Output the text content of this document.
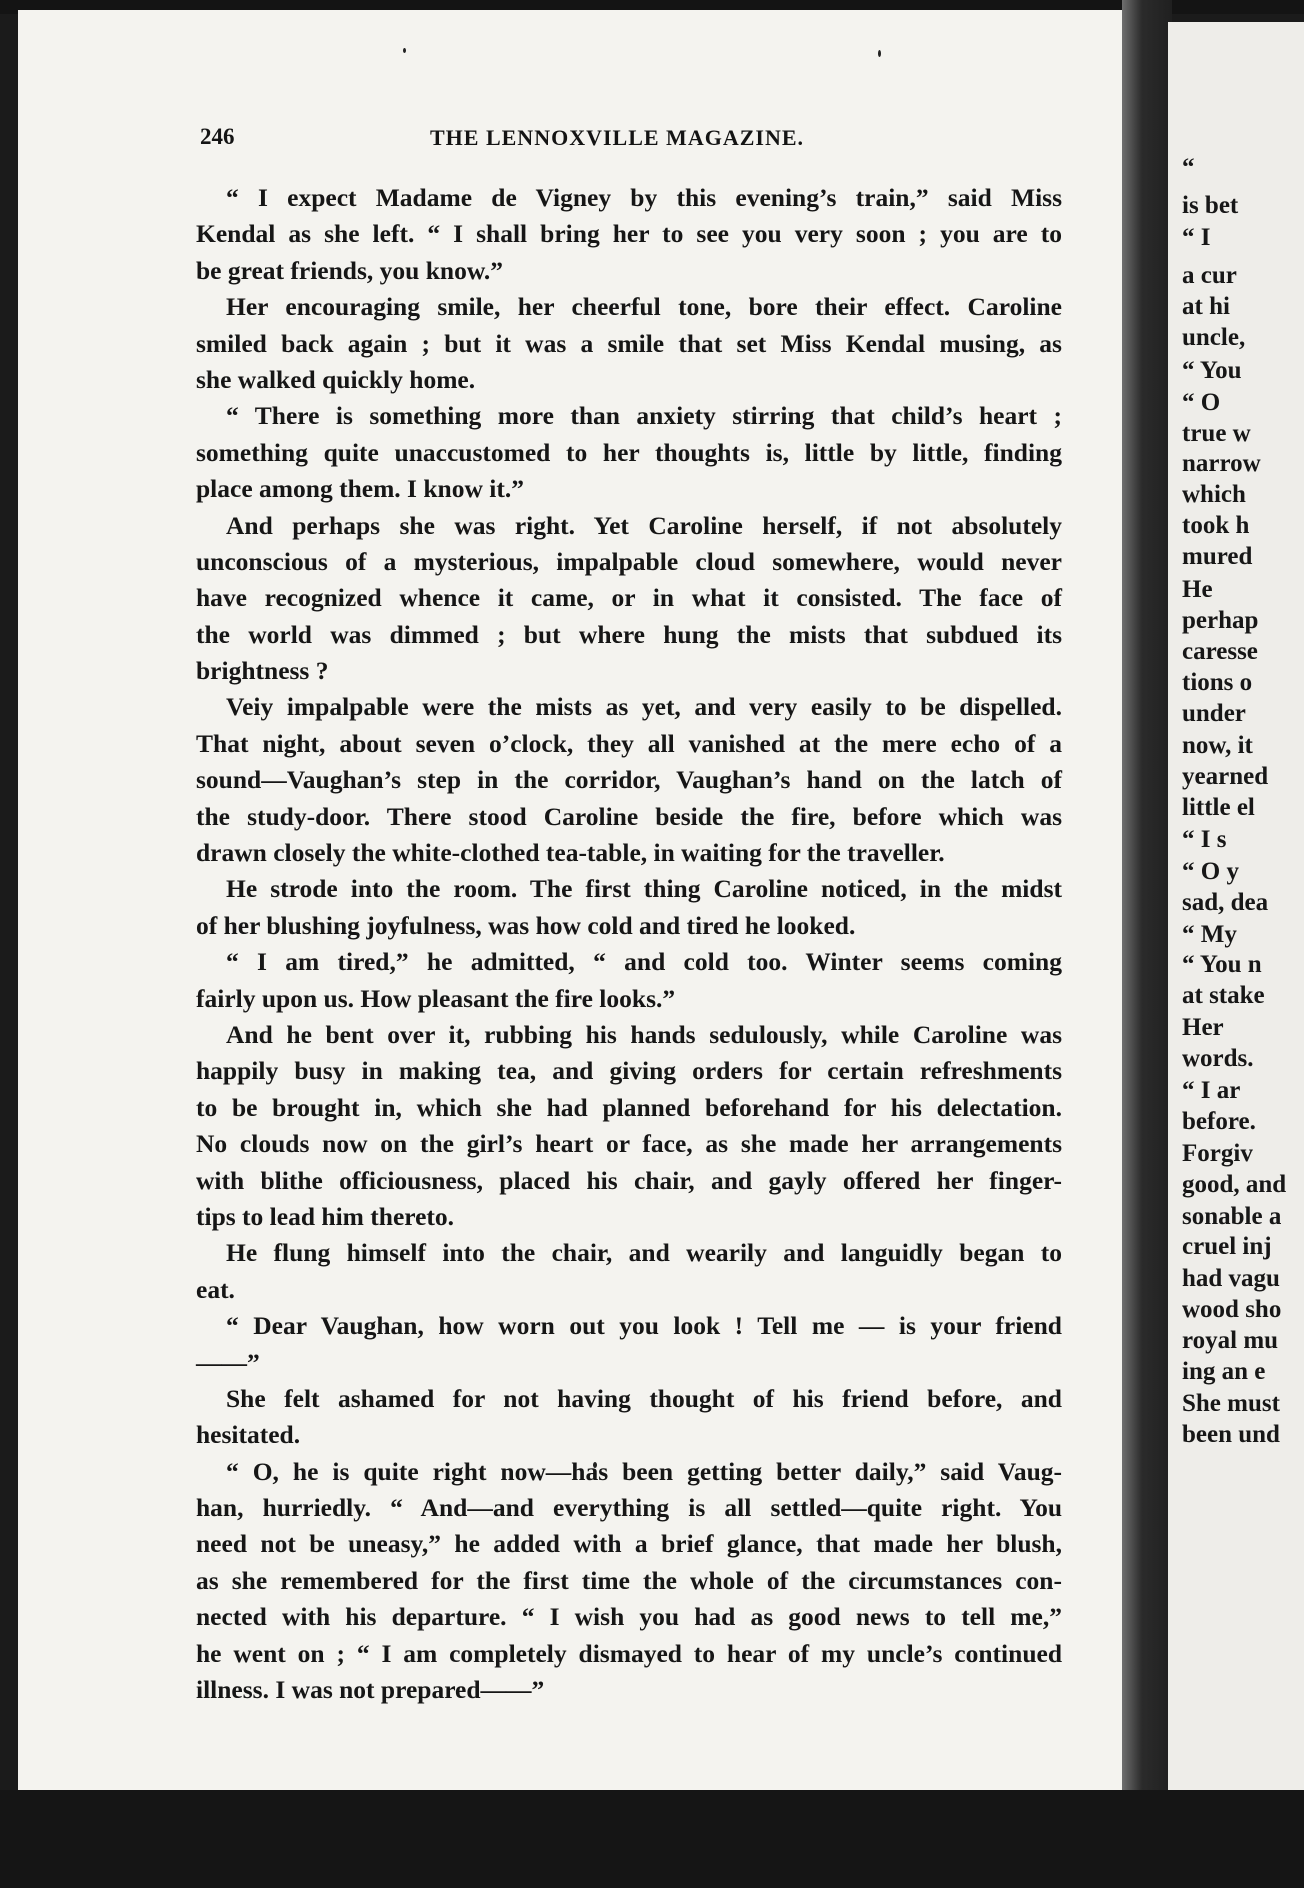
246	THE LENNOXVILLE MAGAZINE.
“ I expect Madame de Vigney by this evening’s train,” said Miss
Kendal as she left. “ I shall bring her to see you very soon ; you are to
be great friends, you know.”
Her encouraging smile, her cheerful tone, bore their effect. Caroline
smiled back again ; but it was a smile that set Miss Kendal musing, as
she walked quickly home.
“ There is something more than anxiety stirring that child’s heart ;
something quite unaccustomed to her thoughts is, little by little, finding
place among them. I know it.”
And perhaps she was right. Yet Caroline herself, if not absolutely
unconscious of a mysterious, impalpable cloud somewhere, would never
have recognized whence it came, or in what it consisted. The face of
the world was dimmed ; but where hung the mists that subdued its
brightness ?
Veiy impalpable were the mists as yet, and very easily to be dispelled.
That night, about seven o’clock, they all vanished at the mere echo of a
sound—Vaughan’s step in the corridor, Vaughan’s hand on the latch of
the study-door. There stood Caroline beside the fire, before which was
drawn closely the white-clothed tea-table, in waiting for the traveller.
He strode into the room. The first thing Caroline noticed, in the midst
of her blushing joyfulness, was how cold and tired he looked.
“ I am tired,” he admitted, “ and cold too. Winter seems coming
fairly upon us. How pleasant the fire looks.”
And he bent over it, rubbing his hands sedulously, while Caroline was
happily busy in making tea, and giving orders for certain refreshments
to be brought in, which she had planned beforehand for his delectation.
No clouds now on the girl’s heart or face, as she made her arrangements
with blithe officiousness, placed his chair, and gayly offered her finger-
tips to lead him thereto.
He flung himself into the chair, and wearily and languidly began to
eat.
“ Dear Vaughan, how worn out you look ! Tell me — is your friend
——”
She felt ashamed for not having thought of his friend before, and
hesitated.
“ O, he is quite right now—has been getting better daily,” said Vaug-
han, hurriedly. “ And—and everything is all settled—quite right. You
need not be uneasy,” he added with a brief glance, that made her blush,
as she remembered for the first time the whole of the circumstances con-
nected with his departure. “ I wish you had as good news to tell me,”
he went on ; “ I am completely dismayed to hear of my uncle’s continued
illness. I was not prepared——”
“
is bet
“ I
a cur
at hi
uncle,
“ You
“ O
true w
narrow
which
took h
mured
He
perhap
caresse
tions o
under
now, it
yearned
little el
“ I s
“ O y
sad, dea
“ My
“ You n
at stake
Her
words.
“ I ar
before.
Forgiv
good, and
sonable a
cruel inj
had vagu
wood sho
royal mu
ing an e
She must
been und
